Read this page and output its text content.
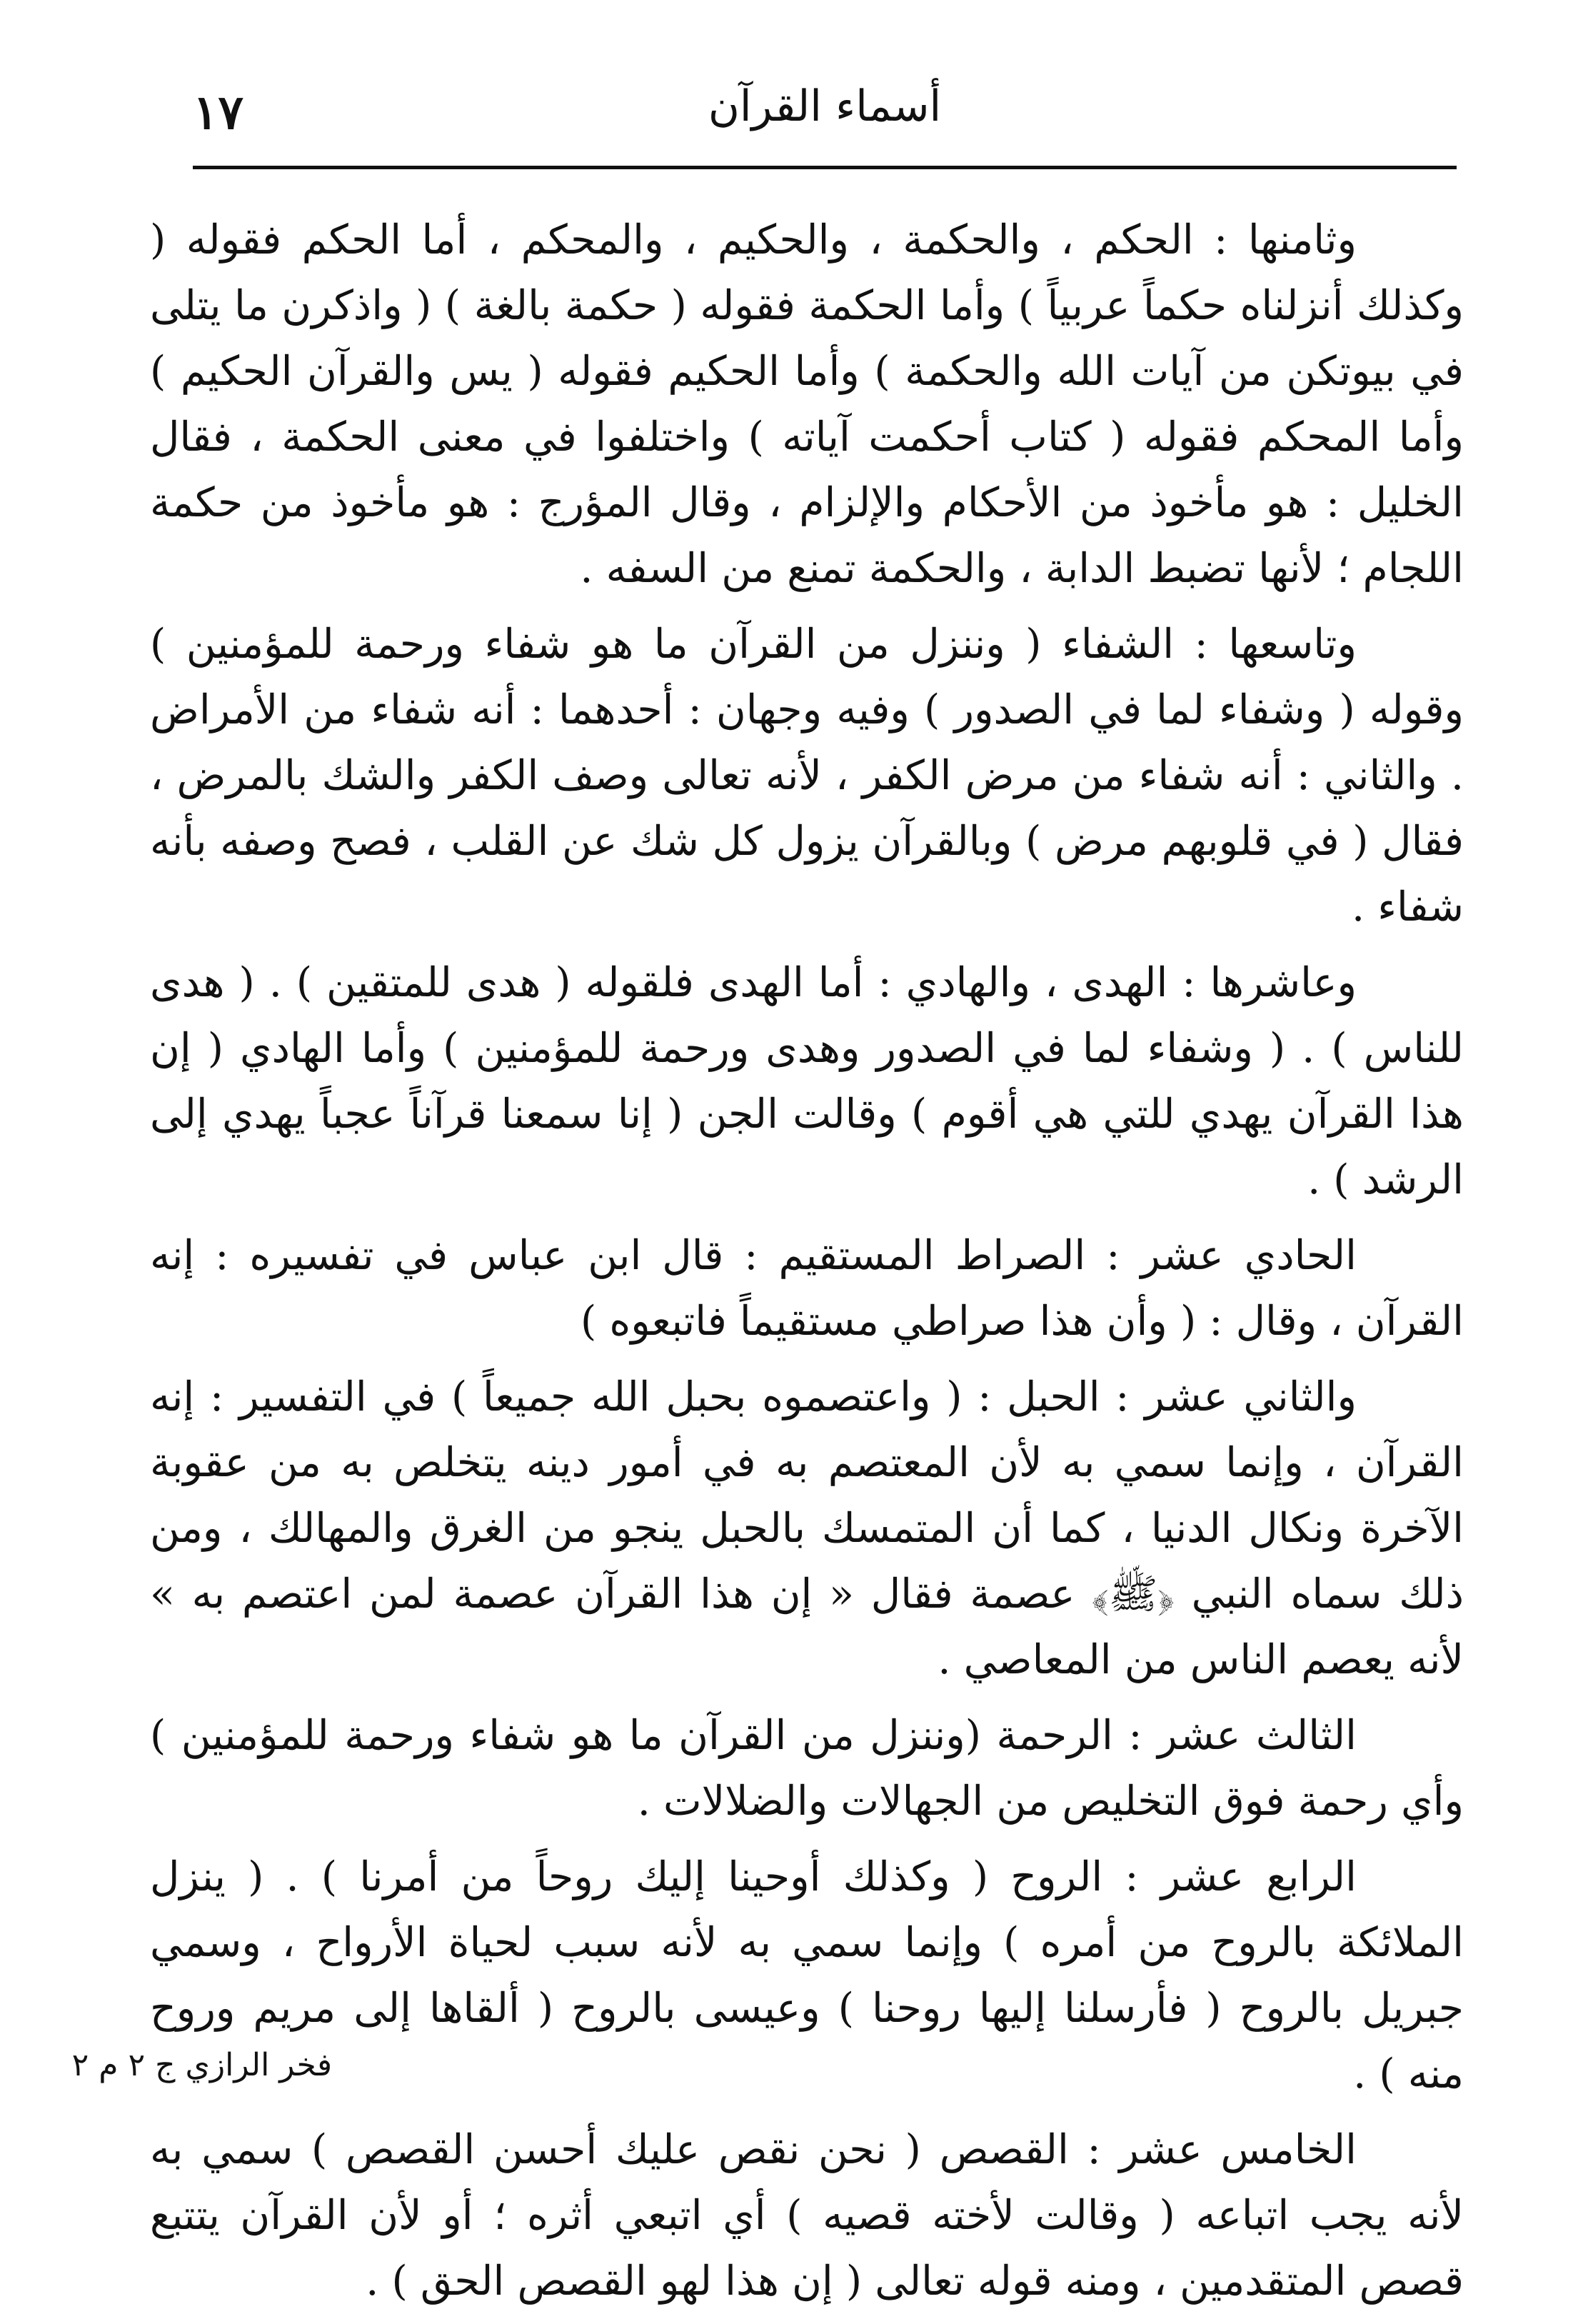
١٧	أسماء القرآن

وثامنها : الحكم ، والحكمة ، والحكيم ، والمحكم ، أما الحكم فقوله ( وكذلك أنزلناه حكماً عربياً ) وأما الحكمة فقوله ( حكمة بالغة ) ( واذكرن ما يتلى في بيوتكن من آيات الله والحكمة ) وأما الحكيم فقوله ( يس والقرآن الحكيم ) وأما المحكم فقوله ( كتاب أحكمت آياته ) واختلفوا في معنى الحكمة ، فقال الخليل : هو مأخوذ من الأحكام والإلزام ، وقال المؤرج : هو مأخوذ من حكمة اللجام ؛ لأنها تضبط الدابة ، والحكمة تمنع من السفه .

وتاسعها : الشفاء ( وننزل من القرآن ما هو شفاء ورحمة للمؤمنين ) وقوله ( وشفاء لما في الصدور ) وفيه وجهان : أحدهما : أنه شفاء من الأمراض . والثاني : أنه شفاء من مرض الكفر ، لأنه تعالى وصف الكفر والشك بالمرض ، فقال ( في قلوبهم مرض ) وبالقرآن يزول كل شك عن القلب ، فصح وصفه بأنه شفاء .

وعاشرها : الهدى ، والهادي : أما الهدى فلقوله ( هدى للمتقين ) . ( هدى للناس ) . ( وشفاء لما في الصدور وهدى ورحمة للمؤمنين ) وأما الهادي ( إن هذا القرآن يهدي للتي هي أقوم ) وقالت الجن ( إنا سمعنا قرآناً عجباً يهدي إلى الرشد ) .

الحادي عشر : الصراط المستقيم : قال ابن عباس في تفسيره : إنه القرآن ، وقال : ( وأن هذا صراطي مستقيماً فاتبعوه )

والثاني عشر : الحبل : ( واعتصموه بحبل الله جميعاً ) في التفسير : إنه القرآن ، وإنما سمي به لأن المعتصم به في أمور دينه يتخلص به من عقوبة الآخرة ونكال الدنيا ، كما أن المتمسك بالحبل ينجو من الغرق والمهالك ، ومن ذلك سماه النبي ﴿ﷺ﴾ عصمة فقال « إن هذا القرآن عصمة لمن اعتصم به » لأنه يعصم الناس من المعاصي .

الثالث عشر : الرحمة (وننزل من القرآن ما هو شفاء ورحمة للمؤمنين ) وأي رحمة فوق التخليص من الجهالات والضلالات .

الرابع عشر : الروح ( وكذلك أوحينا إليك روحاً من أمرنا ) . ( ينزل الملائكة بالروح من أمره ) وإنما سمي به لأنه سبب لحياة الأرواح ، وسمي جبريل بالروح ( فأرسلنا إليها روحنا ) وعيسى بالروح ( ألقاها إلى مريم وروح منه ) .

الخامس عشر : القصص ( نحن نقص عليك أحسن القصص ) سمي به لأنه يجب اتباعه ( وقالت لأخته قصيه ) أي اتبعي أثره ؛ أو لأن القرآن يتتبع قصص المتقدمين ، ومنه قوله تعالى ( إن هذا لهو القصص الحق ) .

فخر الرازي ج ٢ م ٢
